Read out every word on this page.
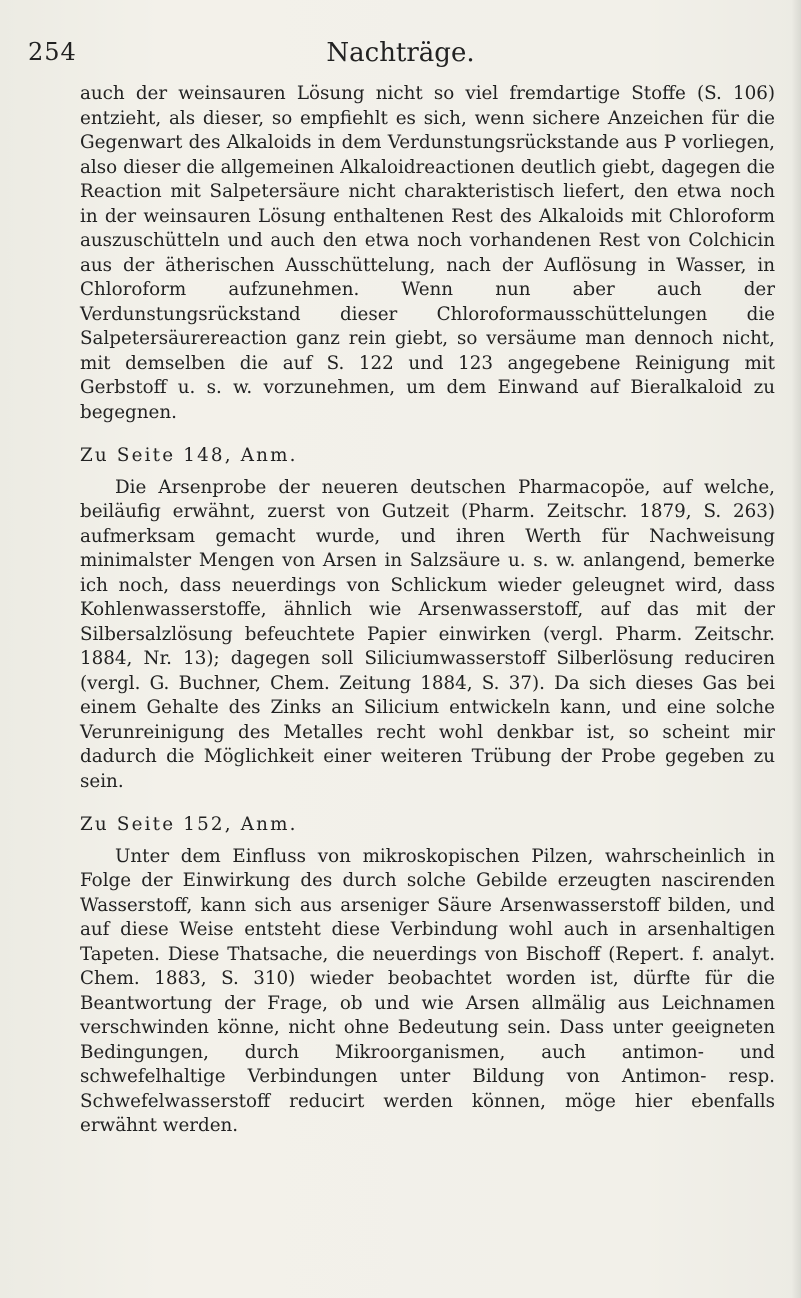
254	Nachträge.

auch der weinsauren Lösung nicht so viel fremdartige Stoffe (S. 106) entzieht, als dieser, so empfiehlt es sich, wenn sichere Anzeichen für die Gegenwart des Alkaloids in dem Verdunstungsrückstande aus P vorliegen, also dieser die allgemeinen Alkaloidreactionen deutlich giebt, dagegen die Reaction mit Salpetersäure nicht charakteristisch liefert, den etwa noch in der weinsauren Lösung enthaltenen Rest des Alkaloids mit Chloroform auszuschütteln und auch den etwa noch vorhandenen Rest von Colchicin aus der ätherischen Ausschüttelung, nach der Auflösung in Wasser, in Chloroform aufzunehmen. Wenn nun aber auch der Verdunstungsrückstand dieser Chloroformausschüttelungen die Salpetersäurereaction ganz rein giebt, so versäume man dennoch nicht, mit demselben die auf S. 122 und 123 angegebene Reinigung mit Gerbstoff u. s. w. vorzunehmen, um dem Einwand auf Bieralkaloid zu begegnen.

Zu Seite 148, Anm.

Die Arsenprobe der neueren deutschen Pharmacopöe, auf welche, beiläufig erwähnt, zuerst von Gutzeit (Pharm. Zeitschr. 1879, S. 263) aufmerksam gemacht wurde, und ihren Werth für Nachweisung minimalster Mengen von Arsen in Salzsäure u. s. w. anlangend, bemerke ich noch, dass neuerdings von Schlickum wieder geleugnet wird, dass Kohlenwasserstoffe, ähnlich wie Arsenwasserstoff, auf das mit der Silbersalzlösung befeuchtete Papier einwirken (vergl. Pharm. Zeitschr. 1884, Nr. 13); dagegen soll Siliciumwasserstoff Silberlösung reduciren (vergl. G. Buchner, Chem. Zeitung 1884, S. 37). Da sich dieses Gas bei einem Gehalte des Zinks an Silicium entwickeln kann, und eine solche Verunreinigung des Metalles recht wohl denkbar ist, so scheint mir dadurch die Möglichkeit einer weiteren Trübung der Probe gegeben zu sein.

Zu Seite 152, Anm.

Unter dem Einfluss von mikroskopischen Pilzen, wahrscheinlich in Folge der Einwirkung des durch solche Gebilde erzeugten nascirenden Wasserstoff, kann sich aus arseniger Säure Arsenwasserstoff bilden, und auf diese Weise entsteht diese Verbindung wohl auch in arsenhaltigen Tapeten. Diese Thatsache, die neuerdings von Bischoff (Repert. f. analyt. Chem. 1883, S. 310) wieder beobachtet worden ist, dürfte für die Beantwortung der Frage, ob und wie Arsen allmälig aus Leichnamen verschwinden könne, nicht ohne Bedeutung sein. Dass unter geeigneten Bedingungen, durch Mikroorganismen, auch antimon- und schwefelhaltige Verbindungen unter Bildung von Antimon- resp. Schwefelwasserstoff reducirt werden können, möge hier ebenfalls erwähnt werden.
